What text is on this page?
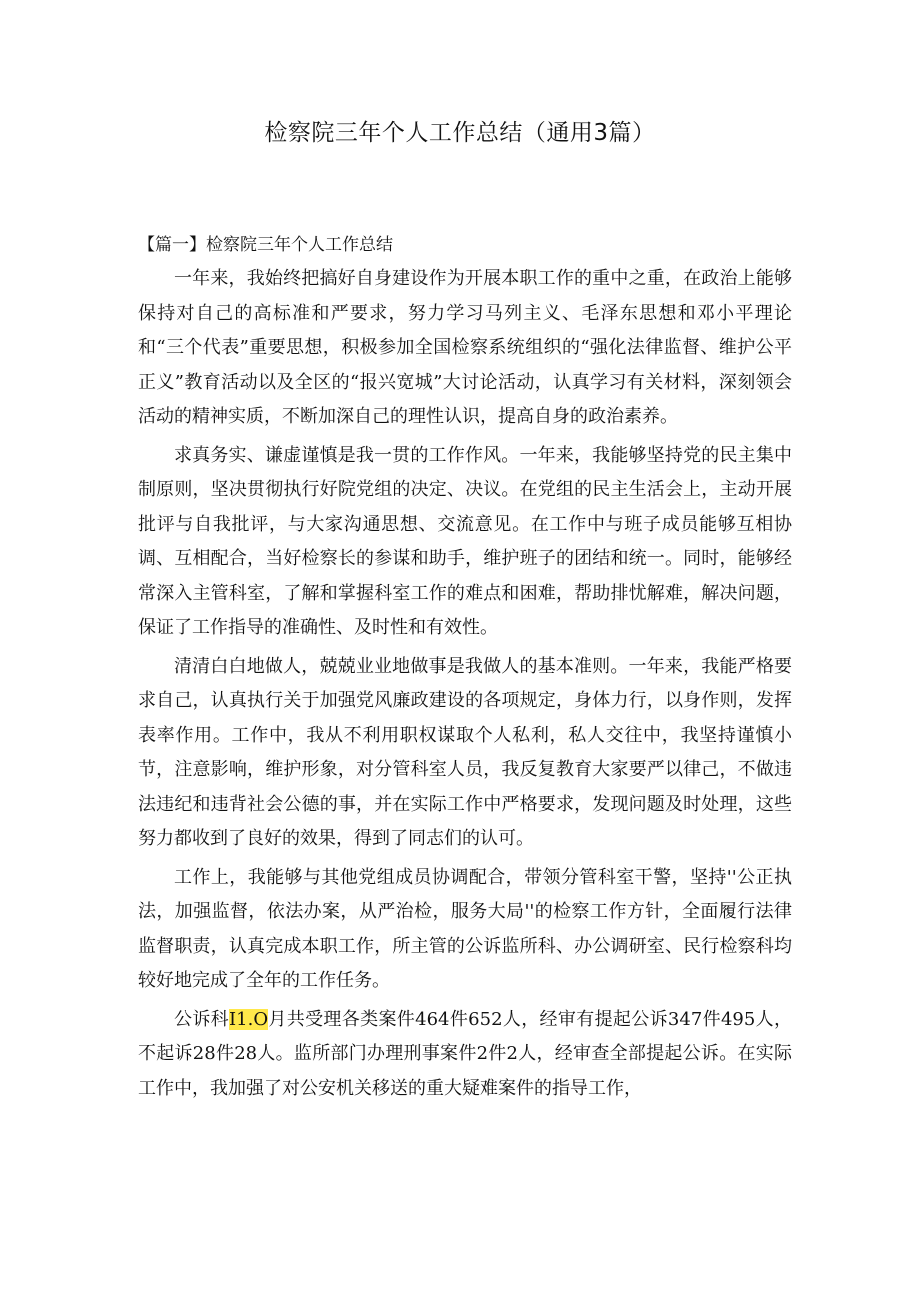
检察院三年个人工作总结（通用3篇）
【篇一】检察院三年个人工作总结

一年来，我始终把搞好自身建设作为开展本职工作的重中之重，在政治上能够保持对自己的高标准和严要求，努力学习马列主义、毛泽东思想和邓小平理论和“三个代表”重要思想，积极参加全国检察系统组织的“强化法律监督、维护公平正义”教育活动以及全区的“报兴宽城”大讨论活动，认真学习有关材料，深刻领会活动的精神实质，不断加深自己的理性认识，提高自身的政治素养。

求真务实、谦虚谨慎是我一贯的工作作风。一年来，我能够坚持党的民主集中制原则，坚决贯彻执行好院党组的决定、决议。在党组的民主生活会上，主动开展批评与自我批评，与大家沟通思想、交流意见。在工作中与班子成员能够互相协调、互相配合，当好检察长的参谋和助手，维护班子的团结和统一。同时，能够经常深入主管科室，了解和掌握科室工作的难点和困难，帮助排忧解难，解决问题，保证了工作指导的准确性、及时性和有效性。

清清白白地做人，兢兢业业地做事是我做人的基本准则。一年来，我能严格要求自己，认真执行关于加强党风廉政建设的各项规定，身体力行，以身作则，发挥表率作用。工作中，我从不利用职权谋取个人私利，私人交往中，我坚持谨慎小节，注意影响，维护形象，对分管科室人员，我反复教育大家要严以律己，不做违法违纪和违背社会公德的事，并在实际工作中严格要求，发现问题及时处理，这些努力都收到了良好的效果，得到了同志们的认可。

工作上，我能够与其他党组成员协调配合，带领分管科室干警，坚持''公正执法，加强监督，依法办案，从严治检，服务大局''的检察工作方针，全面履行法律监督职责，认真完成本职工作，所主管的公诉监所科、办公调研室、民行检察科均较好地完成了全年的工作任务。

公诉科I1.O月共受理各类案件464件652人，经审有提起公诉347件495人，不起诉28件28人。监所部门办理刑事案件2件2人，经审查全部提起公诉。在实际工作中，我加强了对公安机关移送的重大疑难案件的指导工作，
